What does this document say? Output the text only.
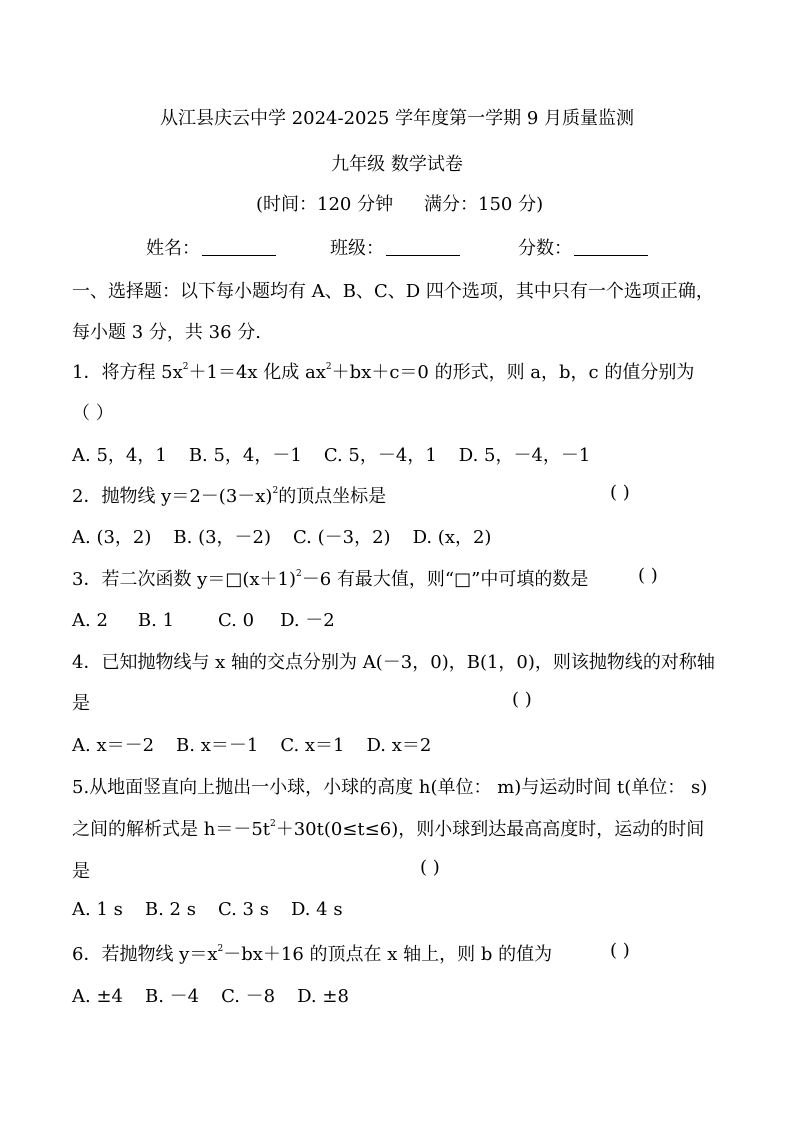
从江县庆云中学 2024-2025 学年度第一学期 9 月质量监测
九年级 数学试卷
(时间：120 分钟 满分：150 分)
姓名：	班级：	分数：
一、选择题：以下每小题均有 A、B、C、D 四个选项，其中只有一个选项正确，
每小题 3 分，共 36 分.
1．将方程 $5x^2+1=4x$ 化成 $ax^2+bx+c=0$ 的形式，则 a，b，c 的值分别为
（ ）
A. 5，4，1 B. 5，4，－1 C. 5，－4，1 D. 5，－4，－1
2．抛物线 $y=2-(3-x)^2$的顶点坐标是	( )
A. (3，2) B. (3，－2) C. (－3，2) D. (x，2)
3．若二次函数 $y=□(x+1)^2-6$ 有最大值，则“□”中可填的数是	( )
A. 2 B. 1 C. 0 D. －2
4．已知抛物线与 x 轴的交点分别为 A(－3，0)，B(1，0)，则该抛物线的对称轴
是	( )
A. x＝－2 B. x＝－1 C. x＝1 D. x＝2
5.从地面竖直向上抛出一小球，小球的高度 h(单位： m)与运动时间 t(单位： s)
之间的解析式是 $h=-5t^2+30t(0\le t\le 6)$，则小球到达最高高度时，运动的时间
是	( )
A. 1 s B. 2 s C. 3 s D. 4 s
6．若抛物线 $y=x^2-bx+16$ 的顶点在 x 轴上，则 b 的值为	( )
A. ±4 B. －4 C. －8 D. ±8
